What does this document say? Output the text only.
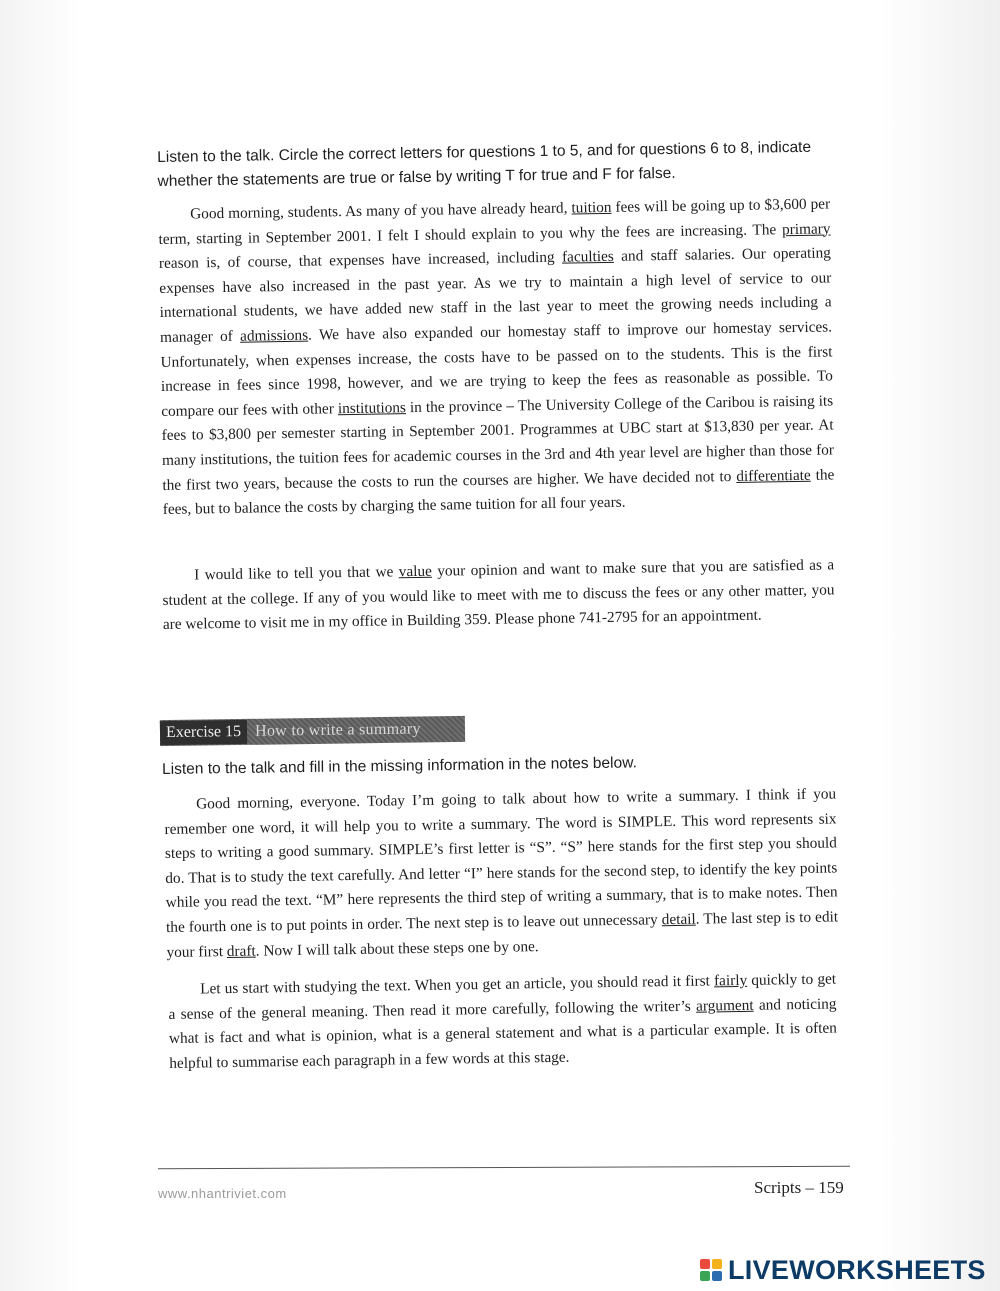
Listen to the talk. Circle the correct letters for questions 1 to 5, and for questions 6 to 8, indicate whether the statements are true or false by writing T for true and F for false.
Good morning, students. As many of you have already heard, tuition fees will be going up to $3,600 per term, starting in September 2001. I felt I should explain to you why the fees are increasing. The primary reason is, of course, that expenses have increased, including faculties and staff salaries. Our operating expenses have also increased in the past year. As we try to maintain a high level of service to our international students, we have added new staff in the last year to meet the growing needs including a manager of admissions. We have also expanded our homestay staff to improve our homestay services. Unfortunately, when expenses increase, the costs have to be passed on to the students. This is the first increase in fees since 1998, however, and we are trying to keep the fees as reasonable as possible. To compare our fees with other institutions in the province – The University College of the Caribou is raising its fees to $3,800 per semester starting in September 2001. Programmes at UBC start at $13,830 per year. At many institutions, the tuition fees for academic courses in the 3rd and 4th year level are higher than those for the first two years, because the costs to run the courses are higher. We have decided not to differentiate the fees, but to balance the costs by charging the same tuition for all four years.
I would like to tell you that we value your opinion and want to make sure that you are satisfied as a student at the college. If any of you would like to meet with me to discuss the fees or any other matter, you are welcome to visit me in my office in Building 359. Please phone 741-2795 for an appointment.
Exercise 15 How to write a summary
Listen to the talk and fill in the missing information in the notes below.
Good morning, everyone. Today I’m going to talk about how to write a summary. I think if you remember one word, it will help you to write a summary. The word is SIMPLE. This word represents six steps to writing a good summary. SIMPLE’s first letter is “S”. “S” here stands for the first step you should do. That is to study the text carefully. And letter “I” here stands for the second step, to identify the key points while you read the text. “M” here represents the third step of writing a summary, that is to make notes. Then the fourth one is to put points in order. The next step is to leave out unnecessary detail. The last step is to edit your first draft. Now I will talk about these steps one by one.
Let us start with studying the text. When you get an article, you should read it first fairly quickly to get a sense of the general meaning. Then read it more carefully, following the writer’s argument and noticing what is fact and what is opinion, what is a general statement and what is a particular example. It is often helpful to summarise each paragraph in a few words at this stage.
www.nhantriviet.com	Scripts – 159
LIVEWORKSHEETS
